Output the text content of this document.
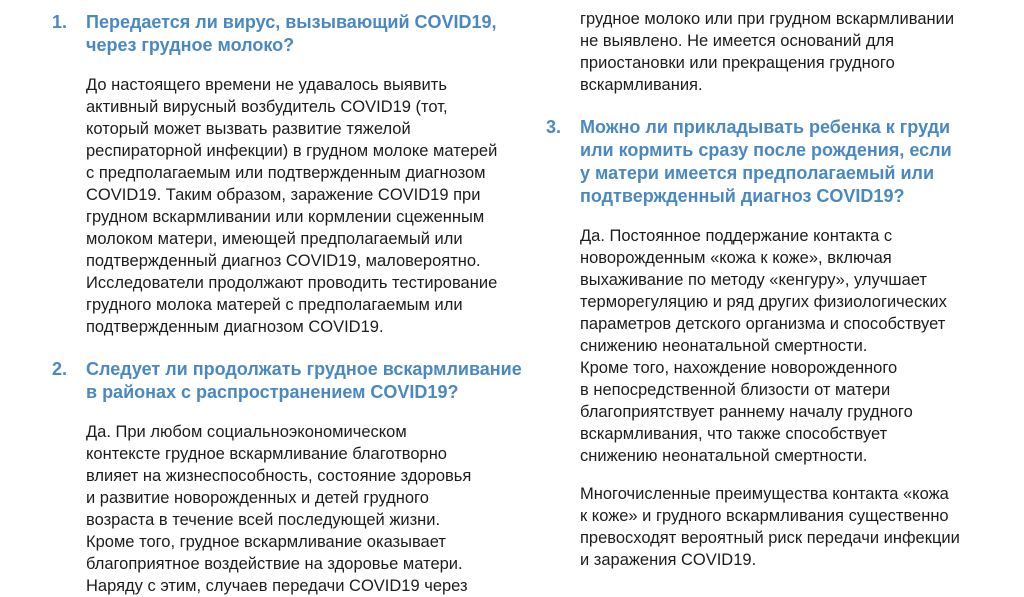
1. Передается ли вирус, вызывающий COVID19,
через грудное молоко?
До настоящего времени не удавалось выявить
активный вирусный возбудитель COVID19 (тот,
который может вызвать развитие тяжелой
респираторной инфекции) в грудном молоке матерей
с предполагаемым или подтвержденным диагнозом
COVID19. Таким образом, заражение COVID19 при
грудном вскармливании или кормлении сцеженным
молоком матери, имеющей предполагаемый или
подтвержденный диагноз COVID19, маловероятно.
Исследователи продолжают проводить тестирование
грудного молока матерей с предполагаемым или
подтвержденным диагнозом COVID19.
2. Следует ли продолжать грудное вскармливание
в районах с распространением COVID19?
Да. При любом социальноэкономическом
контексте грудное вскармливание благотворно
влияет на жизнеспособность, состояние здоровья
и развитие новорожденных и детей грудного
возраста в течение всей последующей жизни.
Кроме того, грудное вскармливание оказывает
благоприятное воздействие на здоровье матери.
Наряду с этим, случаев передачи COVID19 через
грудное молоко или при грудном вскармливании
не выявлено. Не имеется оснований для
приостановки или прекращения грудного
вскармливания.
3. Можно ли прикладывать ребенка к груди
или кормить сразу после рождения, если
у матери имеется предполагаемый или
подтвержденный диагноз COVID19?
Да. Постоянное поддержание контакта с
новорожденным «кожа к коже», включая
выхаживание по методу «кенгуру», улучшает
терморегуляцию и ряд других физиологических
параметров детского организма и способствует
снижению неонатальной смертности.
Кроме того, нахождение новорожденного
в непосредственной близости от матери
благоприятствует раннему началу грудного
вскармливания, что также способствует
снижению неонатальной смертности.
Многочисленные преимущества контакта «кожа
к коже» и грудного вскармливания существенно
превосходят вероятный риск передачи инфекции
и заражения COVID19.
